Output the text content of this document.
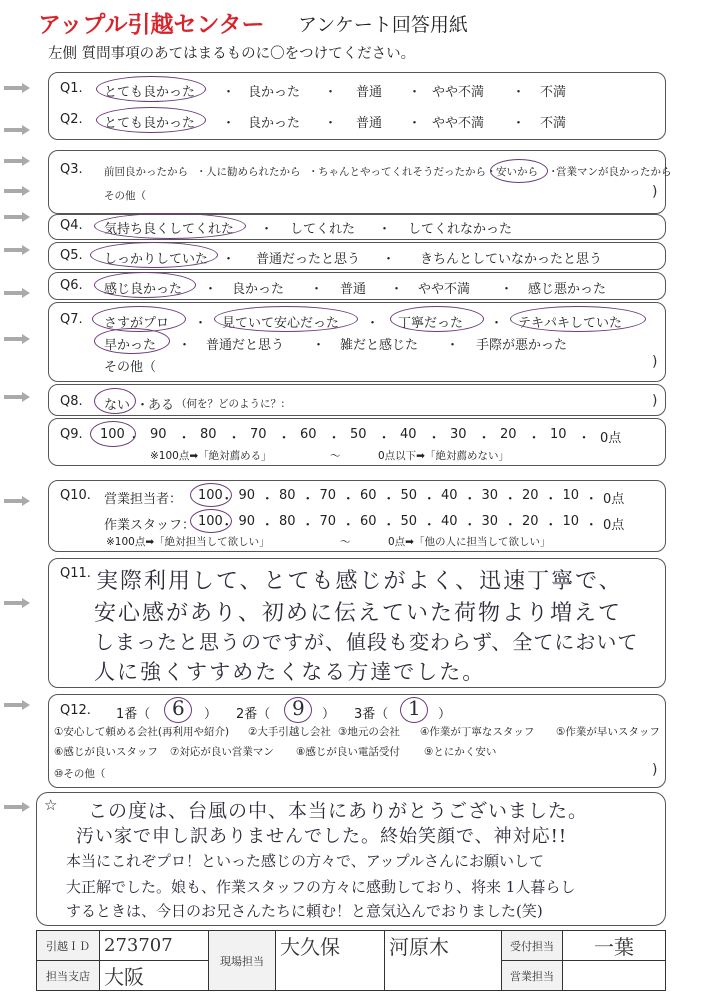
アップル引越センター アンケート回答用紙
左側 質問事項のあてはまるものに〇をつけてください。
Q1. とても良かった ・ 良かった ・ 普通 ・ やや不満 ・ 不満
Q2. とても良かった ・ 良かった ・ 普通 ・ やや不満 ・ 不満
Q3. 前回良かったから ・ 人に勧められたから ・ ちゃんとやってくれそうだったから ・ 安いから ・
営業マンが良かったから
その他（	)
Q4. 気持ち良くしてくれた ・ してくれた ・ してくれなかった
Q5. しっかりしていた ・ 普通だったと思う ・ きちんとしていなかったと思う
Q6. 感じ良かった ・ 良かった ・ 普通 ・ やや不満 ・ 感じ悪かった
Q7. さすがプロ ・ 見ていて安心だった ・ 丁寧だった ・ テキパキしていた
早かった ・ 普通だと思う ・ 雑だと感じた ・ 手際が悪かった
その他（	)
Q8. ない ・
ある （何を？どのように？:	)
Q9. 100 ・ 90 ・ 80 ・ 70 ・ 60 ・ 50 ・ 40 ・ 30 ・ 20 ・ 10 ・ 0点
※100点➡「絶対薦める」	〜	0点以下➡「絶対薦めない」
Q10. 営業担当者：
作業スタッフ：
100
・ 90 ・ 80 ・ 70 ・ 60 ・ 50 ・ 40 ・ 30 ・ 20 ・ 10 ・ 0点
100
・ 90 ・ 80 ・ 70 ・ 60 ・ 50 ・ 40 ・ 30 ・ 20 ・ 10 ・ 0点
※100点➡「絶対担当して欲しい」	〜	0点➡「他の人に担当して欲しい」
Q11. 実際利用して、とても感じがよく、迅速丁寧で、
安心感があり、初めに伝えていた荷物より増えて
しまったと思うのですが、値段も変わらず、全てにおいて
人に強くすすめたくなる方達でした。
Q12. 1番（ 6 ） 2番（ 9 ） 3番（ 1 ）
①安心して頼める会社(再利用や紹介) ②大手引越し会社 ③地元の会社 ④作業が丁寧なスタッフ ⑤作業が早いスタッフ
⑥感じが良いスタッフ ⑦対応が良い営業マン ⑧感じが良い電話受付 ⑨とにかく安い
⑩その他（	)
☆ この度は、台風の中、本当にありがとうございました。
汚い家で申し訳ありませんでした。終始笑顔で、神対応!!
本当にこれぞプロ！といった感じの方々で、アップルさんにお願いして
大正解でした。娘も、作業スタッフの方々に感動しており、将来 1人暮らし
するときは、今日のお兄さんたちに頼む！と意気込んでおりました(笑)
引越ＩＤ	273707	現場担当	大久保	河原木	受付担当	一葉
担当支店	大阪				営業担当	
